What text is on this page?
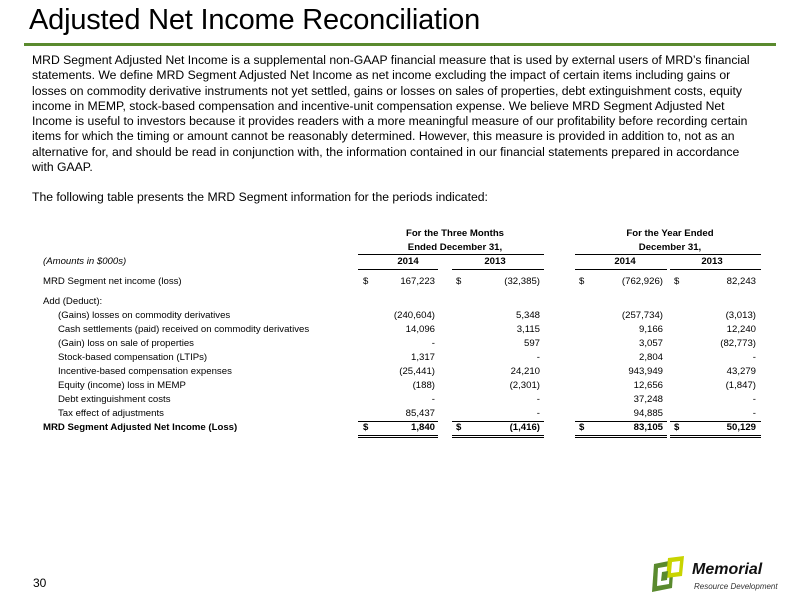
Adjusted Net Income Reconciliation

MRD Segment Adjusted Net Income is a supplemental non-GAAP financial measure that is used by external users of MRD’s financial statements. We define MRD Segment Adjusted Net Income as net income excluding the impact of certain items including gains or losses on commodity derivative instruments not yet settled, gains or losses on sales of properties, debt extinguishment costs, equity income in MEMP, stock-based compensation and incentive-unit compensation expense. We believe MRD Segment Adjusted Net Income is useful to investors because it provides readers with a more meaningful measure of our profitability before recording certain items for which the timing or amount cannot be reasonably determined. However, this measure is provided in addition to, not as an alternative for, and should be read in conjunction with, the information contained in our financial statements prepared in accordance with GAAP.

The following table presents the MRD Segment information for the periods indicated:

For the Three Months
Ended December 31,
For the Year Ended
December 31,
(Amounts in $000s)	2014	2013	2014	2013
MRD Segment net income (loss)	$	167,223 $	(32,385)	$	(762,926) $	82,243
Add (Deduct):
(Gains) losses on commodity derivatives	(240,604)	5,348	(257,734)	(3,013)
Cash settlements (paid) received on commodity derivatives	14,096	3,115	9,166	12,240
(Gain) loss on sale of properties	-	597	3,057	(82,773)
Stock-based compensation (LTIPs)	1,317	-	2,804	-
Incentive-based compensation expenses	(25,441)	24,210	943,949	43,279
Equity (income) loss in MEMP	(188)	(2,301)	12,656	(1,847)
Debt extinguishment costs	-	-	37,248	-
Tax effect of adjustments	85,437	-	94,885	-
MRD Segment Adjusted Net Income (Loss)	$	1,840 $	(1,416)	$	83,105 $	50,129
30
Memorial
Resource Development
